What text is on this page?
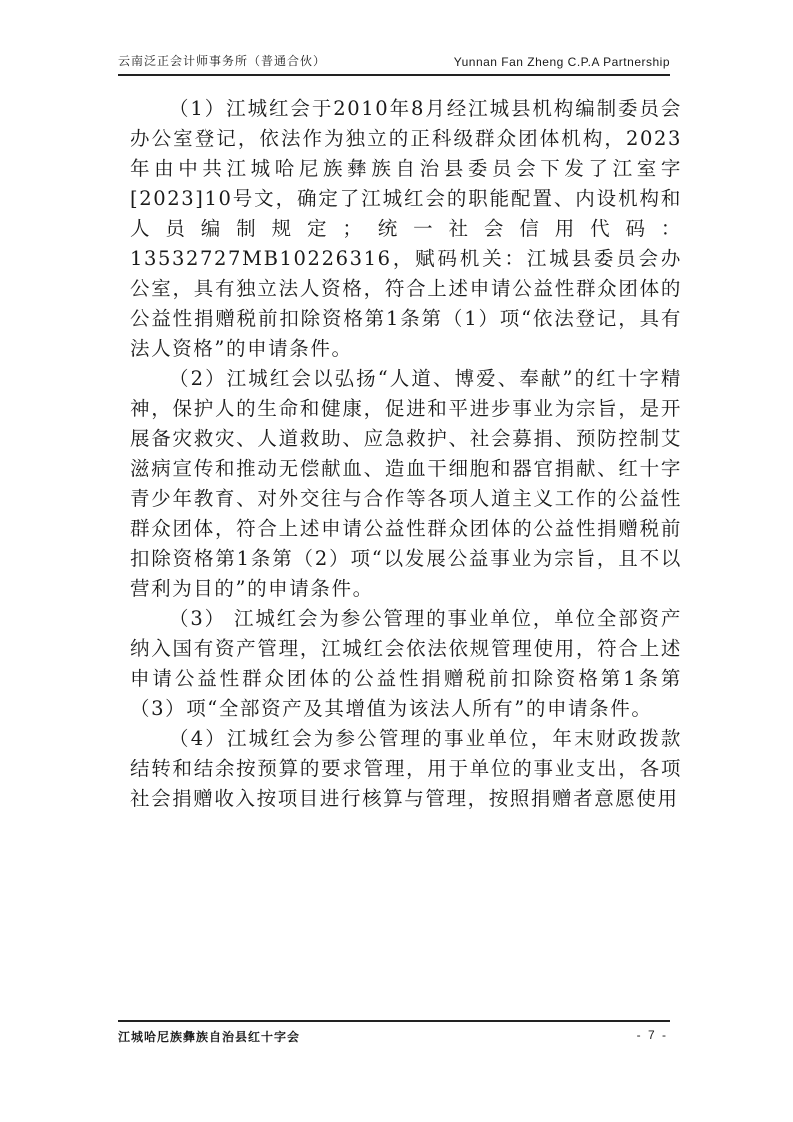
云南泛正会计师事务所（普通合伙）	Yunnan Fan Zheng C.P.A Partnership

（1）江城红会于2010年8月经江城县机构编制委员会办公室登记，依法作为独立的正科级群众团体机构，2023年由中共江城哈尼族彝族自治县委员会下发了江室字[2023]10号文，确定了江城红会的职能配置、内设机构和人员编制规定；统一社会信用代码：13532727MB10226316，赋码机关：江城县委员会办公室，具有独立法人资格，符合上述申请公益性群众团体的公益性捐赠税前扣除资格第1条第（1）项“依法登记，具有法人资格”的申请条件。

（2）江城红会以弘扬“人道、博爱、奉献”的红十字精神，保护人的生命和健康，促进和平进步事业为宗旨，是开展备灾救灾、人道救助、应急救护、社会募捐、预防控制艾滋病宣传和推动无偿献血、造血干细胞和器官捐献、红十字青少年教育、对外交往与合作等各项人道主义工作的公益性群众团体，符合上述申请公益性群众团体的公益性捐赠税前扣除资格第1条第（2）项“以发展公益事业为宗旨，且不以营利为目的”的申请条件。

（3） 江城红会为参公管理的事业单位，单位全部资产纳入国有资产管理，江城红会依法依规管理使用，符合上述申请公益性群众团体的公益性捐赠税前扣除资格第1条第（3）项“全部资产及其增值为该法人所有”的申请条件。

（4）江城红会为参公管理的事业单位，年末财政拨款结转和结余按预算的要求管理，用于单位的事业支出，各项社会捐赠收入按项目进行核算与管理，按照捐赠者意愿使用

江城哈尼族彝族自治县红十字会	- 7 -
